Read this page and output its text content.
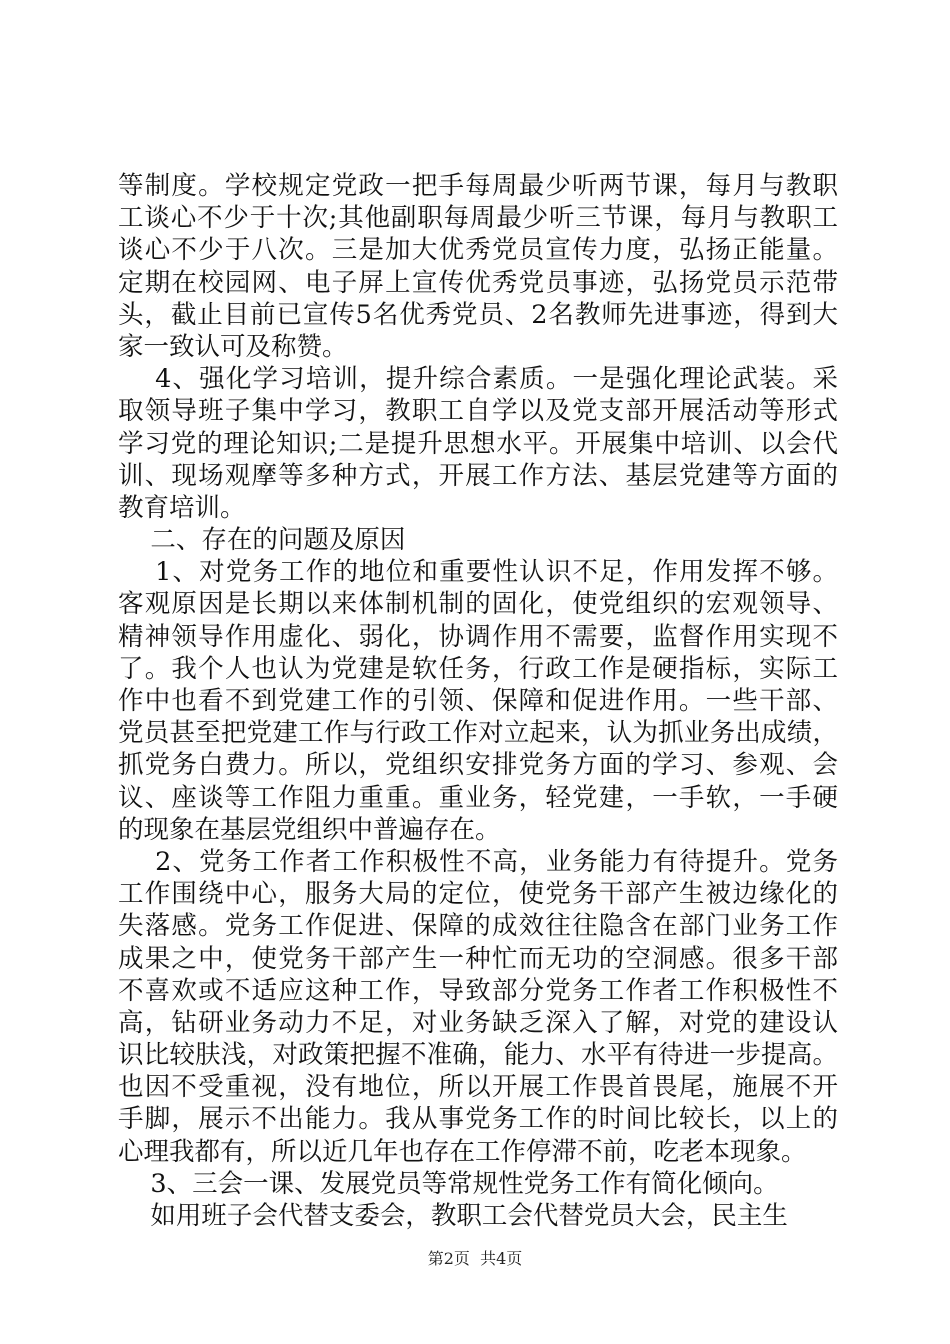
等制度。学校规定党政一把手每周最少听两节课，每月与教职
工谈心不少于十次;其他副职每周最少听三节课，每月与教职工
谈心不少于八次。三是加大优秀党员宣传力度，弘扬正能量。
定期在校园网、电子屏上宣传优秀党员事迹，弘扬党员示范带
头，截止目前已宣传5名优秀党员、2名教师先进事迹，得到大
家一致认可及称赞。
4、强化学习培训，提升综合素质。一是强化理论武装。采
取领导班子集中学习，教职工自学以及党支部开展活动等形式
学习党的理论知识;二是提升思想水平。开展集中培训、以会代
训、现场观摩等多种方式，开展工作方法、基层党建等方面的
教育培训。
二、存在的问题及原因
1、对党务工作的地位和重要性认识不足，作用发挥不够。
客观原因是长期以来体制机制的固化，使党组织的宏观领导、
精神领导作用虚化、弱化，协调作用不需要，监督作用实现不
了。我个人也认为党建是软任务，行政工作是硬指标，实际工
作中也看不到党建工作的引领、保障和促进作用。一些干部、
党员甚至把党建工作与行政工作对立起来，认为抓业务出成绩，
抓党务白费力。所以，党组织安排党务方面的学习、参观、会
议、座谈等工作阻力重重。重业务，轻党建，一手软，一手硬
的现象在基层党组织中普遍存在。
2、党务工作者工作积极性不高，业务能力有待提升。党务
工作围绕中心，服务大局的定位，使党务干部产生被边缘化的
失落感。党务工作促进、保障的成效往往隐含在部门业务工作
成果之中，使党务干部产生一种忙而无功的空洞感。很多干部
不喜欢或不适应这种工作，导致部分党务工作者工作积极性不
高，钻研业务动力不足，对业务缺乏深入了解，对党的建设认
识比较肤浅，对政策把握不准确，能力、水平有待进一步提高。
也因不受重视，没有地位，所以开展工作畏首畏尾，施展不开
手脚，展示不出能力。我从事党务工作的时间比较长，以上的
心理我都有，所以近几年也存在工作停滞不前，吃老本现象。
3、三会一课、发展党员等常规性党务工作有简化倾向。
如用班子会代替支委会，教职工会代替党员大会，民主生
第2页  共4页
